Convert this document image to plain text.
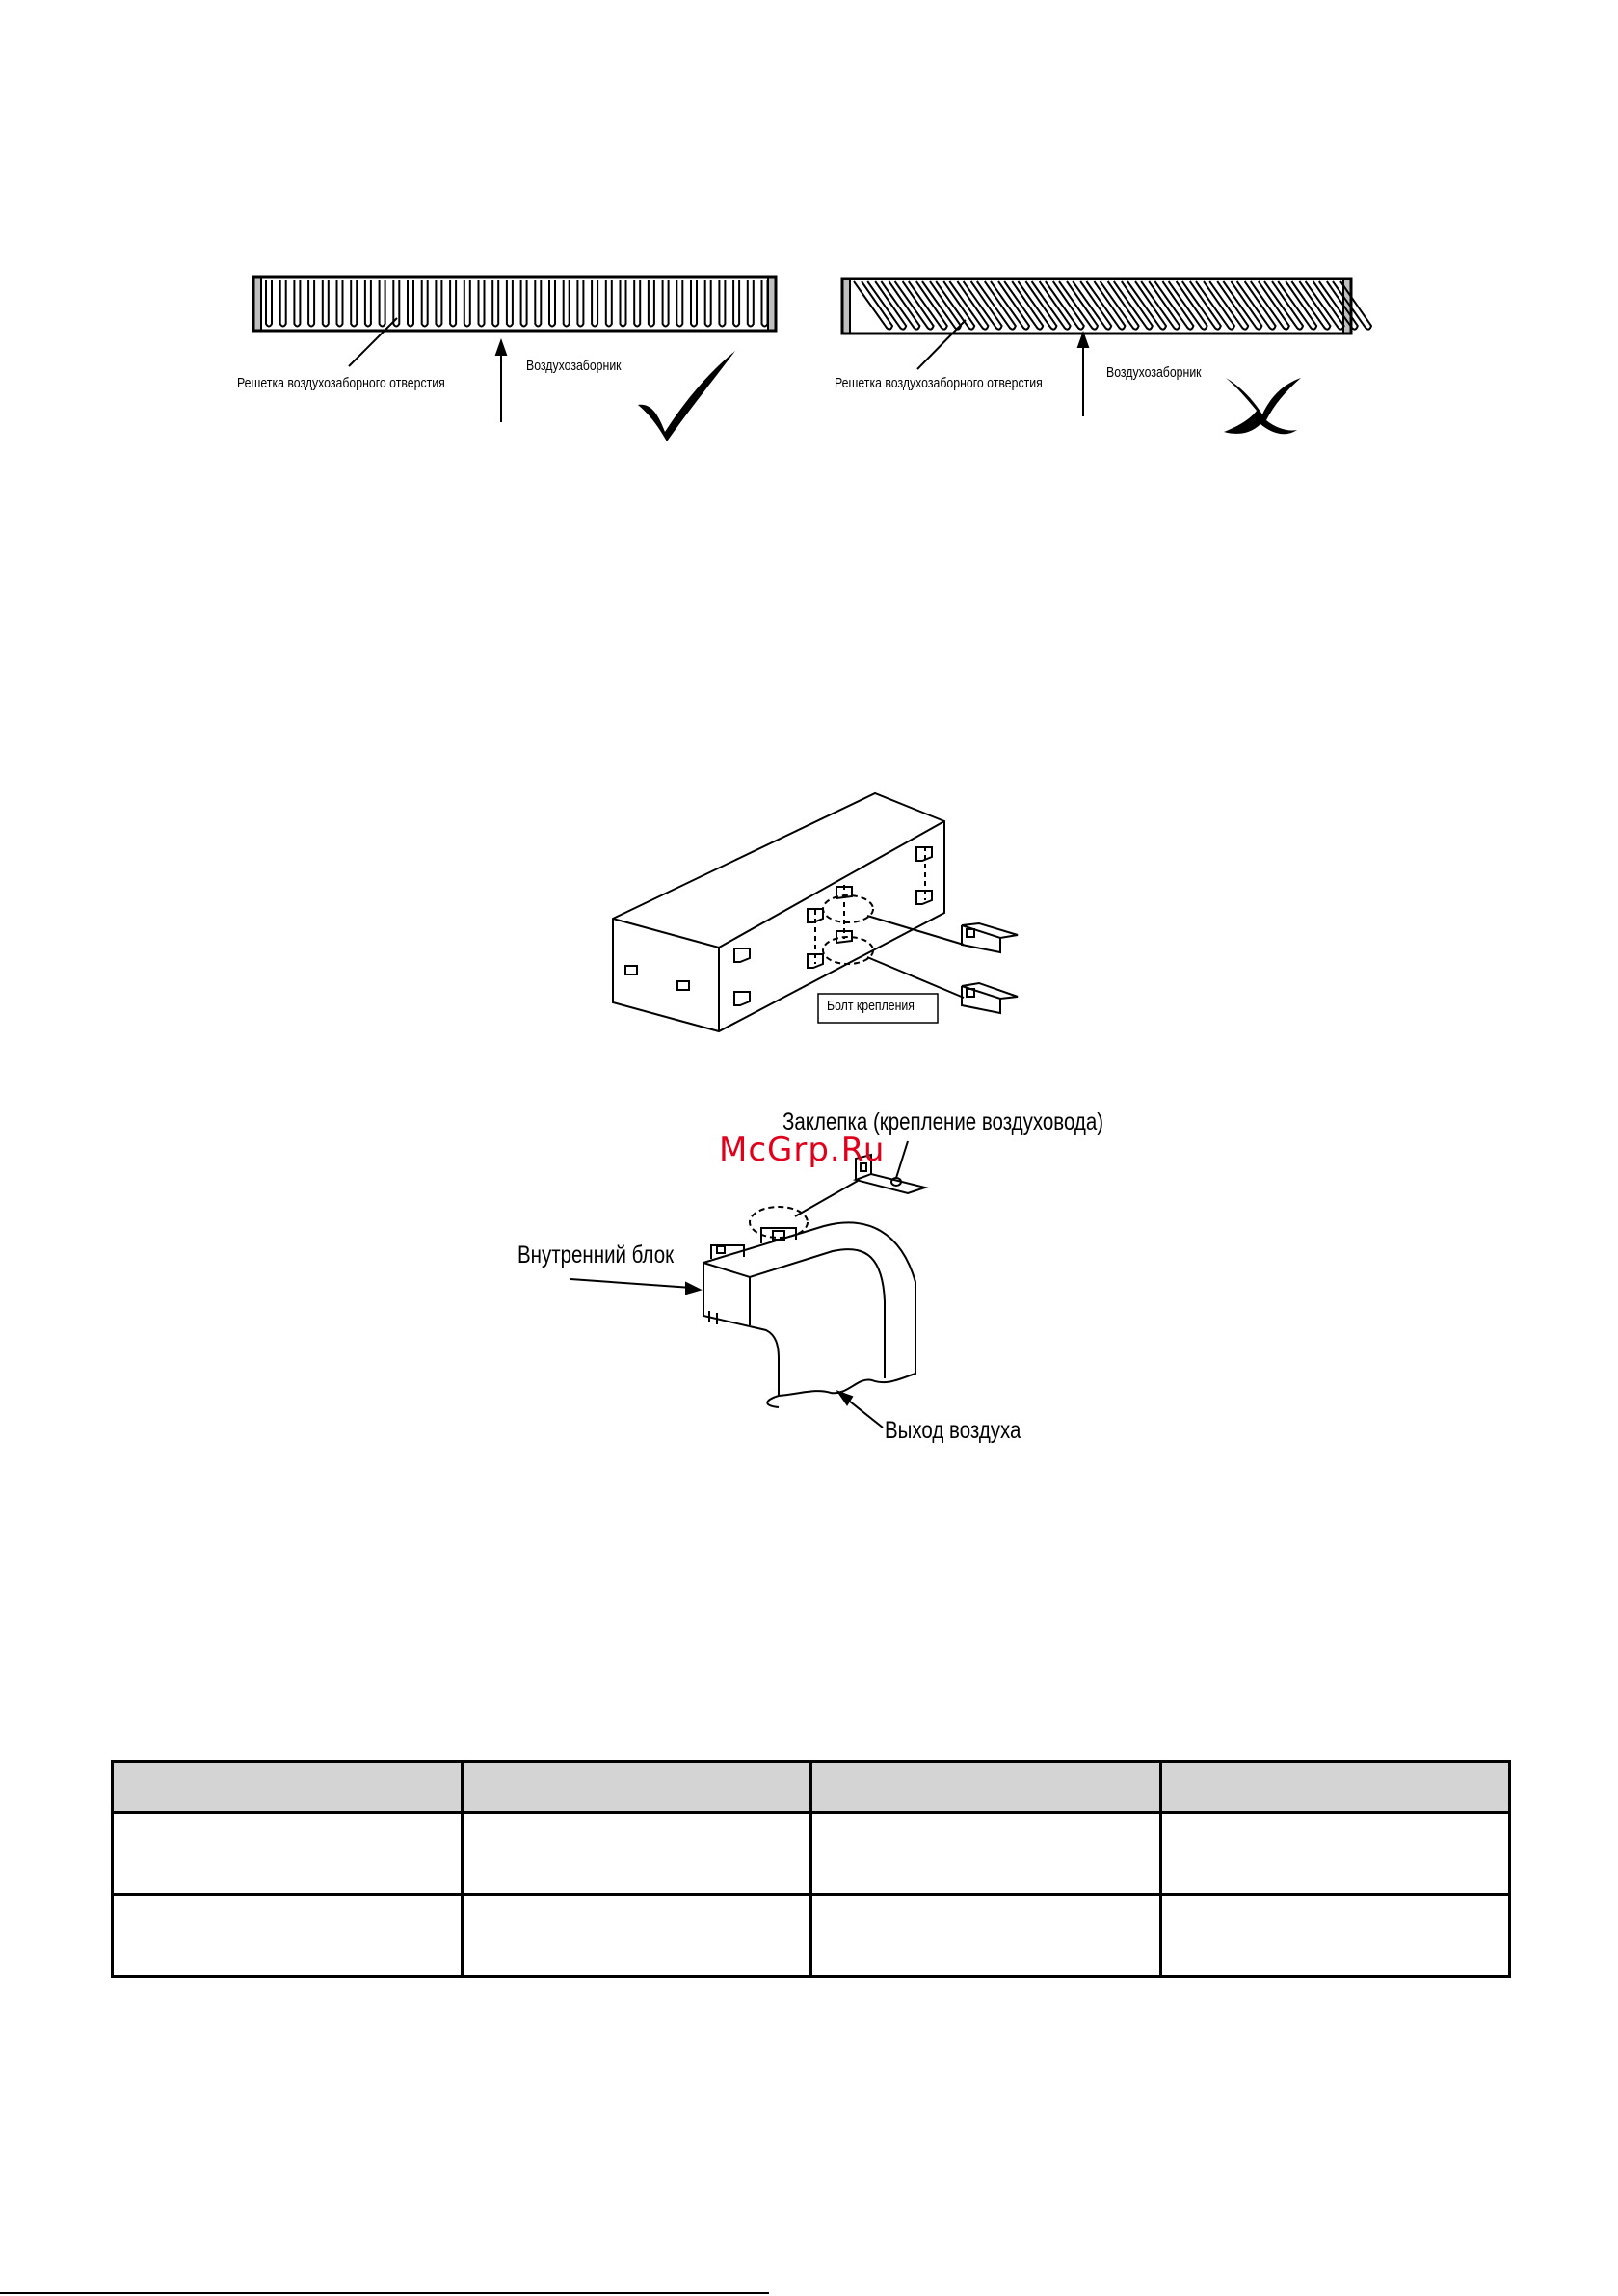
Решетка воздухозаборного отверстия
Воздухозаборник
Решетка воздухозаборного отверстия
Воздухозаборник
Болт крепления
Заклепка (крепление воздуховода)
Внутренний блок
Выход воздуха
McGrp.Ru
